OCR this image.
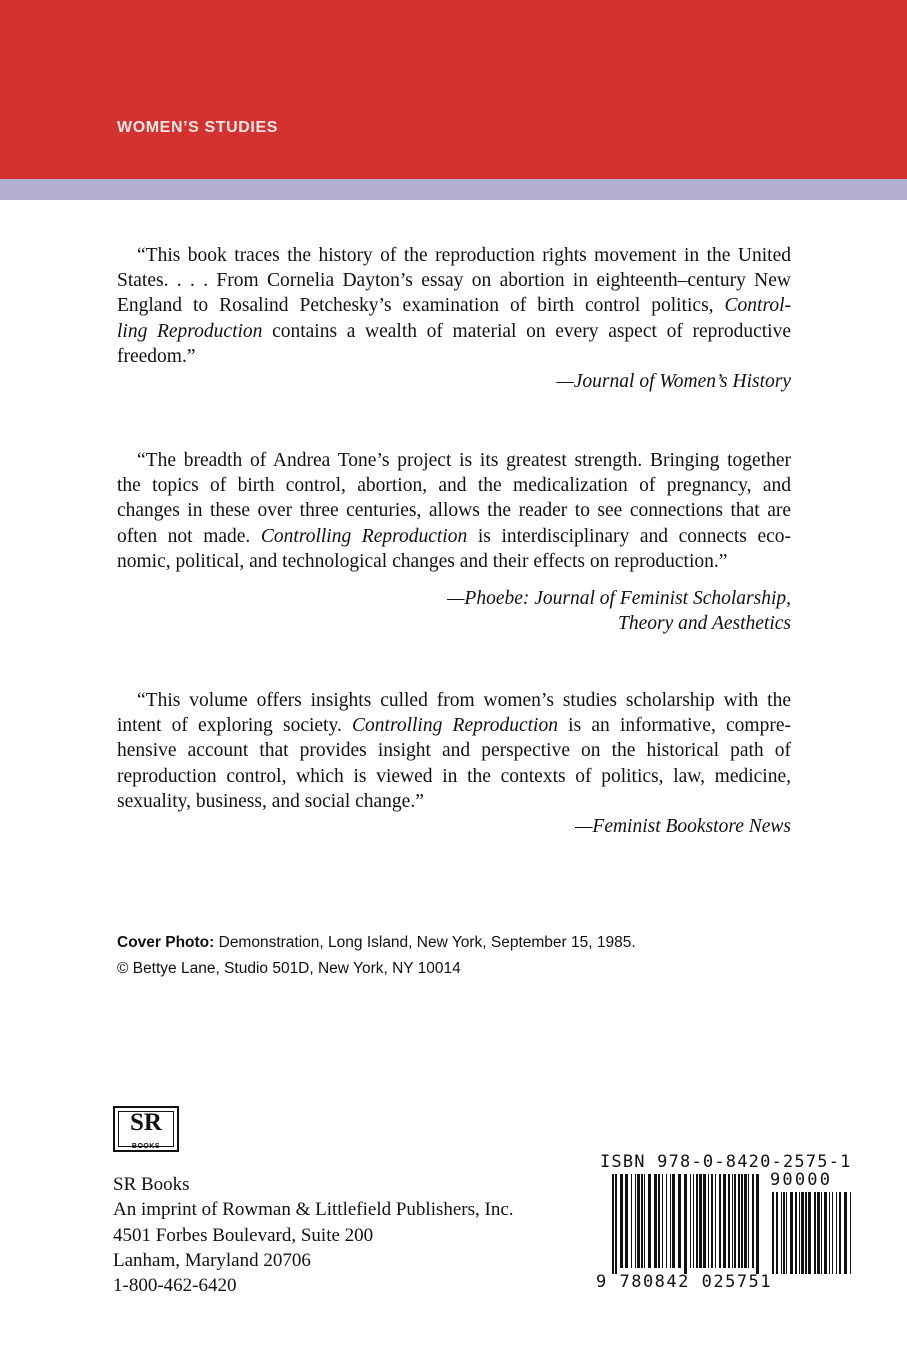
WOMEN’S STUDIES

“This book traces the history of the reproduction rights movement in the United
States. . . . From Cornelia Dayton’s essay on abortion in eighteenth–century New
England to Rosalind Petchesky’s examination of birth control politics, Control-
ling Reproduction contains a wealth of material on every aspect of reproductive
freedom.”

—Journal of Women’s History

“The breadth of Andrea Tone’s project is its greatest strength. Bringing together
the topics of birth control, abortion, and the medicalization of pregnancy, and
changes in these over three centuries, allows the reader to see connections that are
often not made. Controlling Reproduction is interdisciplinary and connects eco-
nomic, political, and technological changes and their effects on reproduction.”

—Phoebe: Journal of Feminist Scholarship,
Theory and Aesthetics

“This volume offers insights culled from women’s studies scholarship with the
intent of exploring society. Controlling Reproduction is an informative, compre-
hensive account that provides insight and perspective on the historical path of
reproduction control, which is viewed in the contexts of politics, law, medicine,
sexuality, business, and social change.”

—Feminist Bookstore News

Cover Photo: Demonstration, Long Island, New York, September 15, 1985.
© Bettye Lane, Studio 501D, New York, NY 10014
SR
BOOKS
SR Books
An imprint of Rowman & Littlefield Publishers, Inc.
4501 Forbes Boulevard, Suite 200
Lanham, Maryland 20706
1-800-462-6420
ISBN 978-0-8420-2575-1
90000
9 780842 025751
